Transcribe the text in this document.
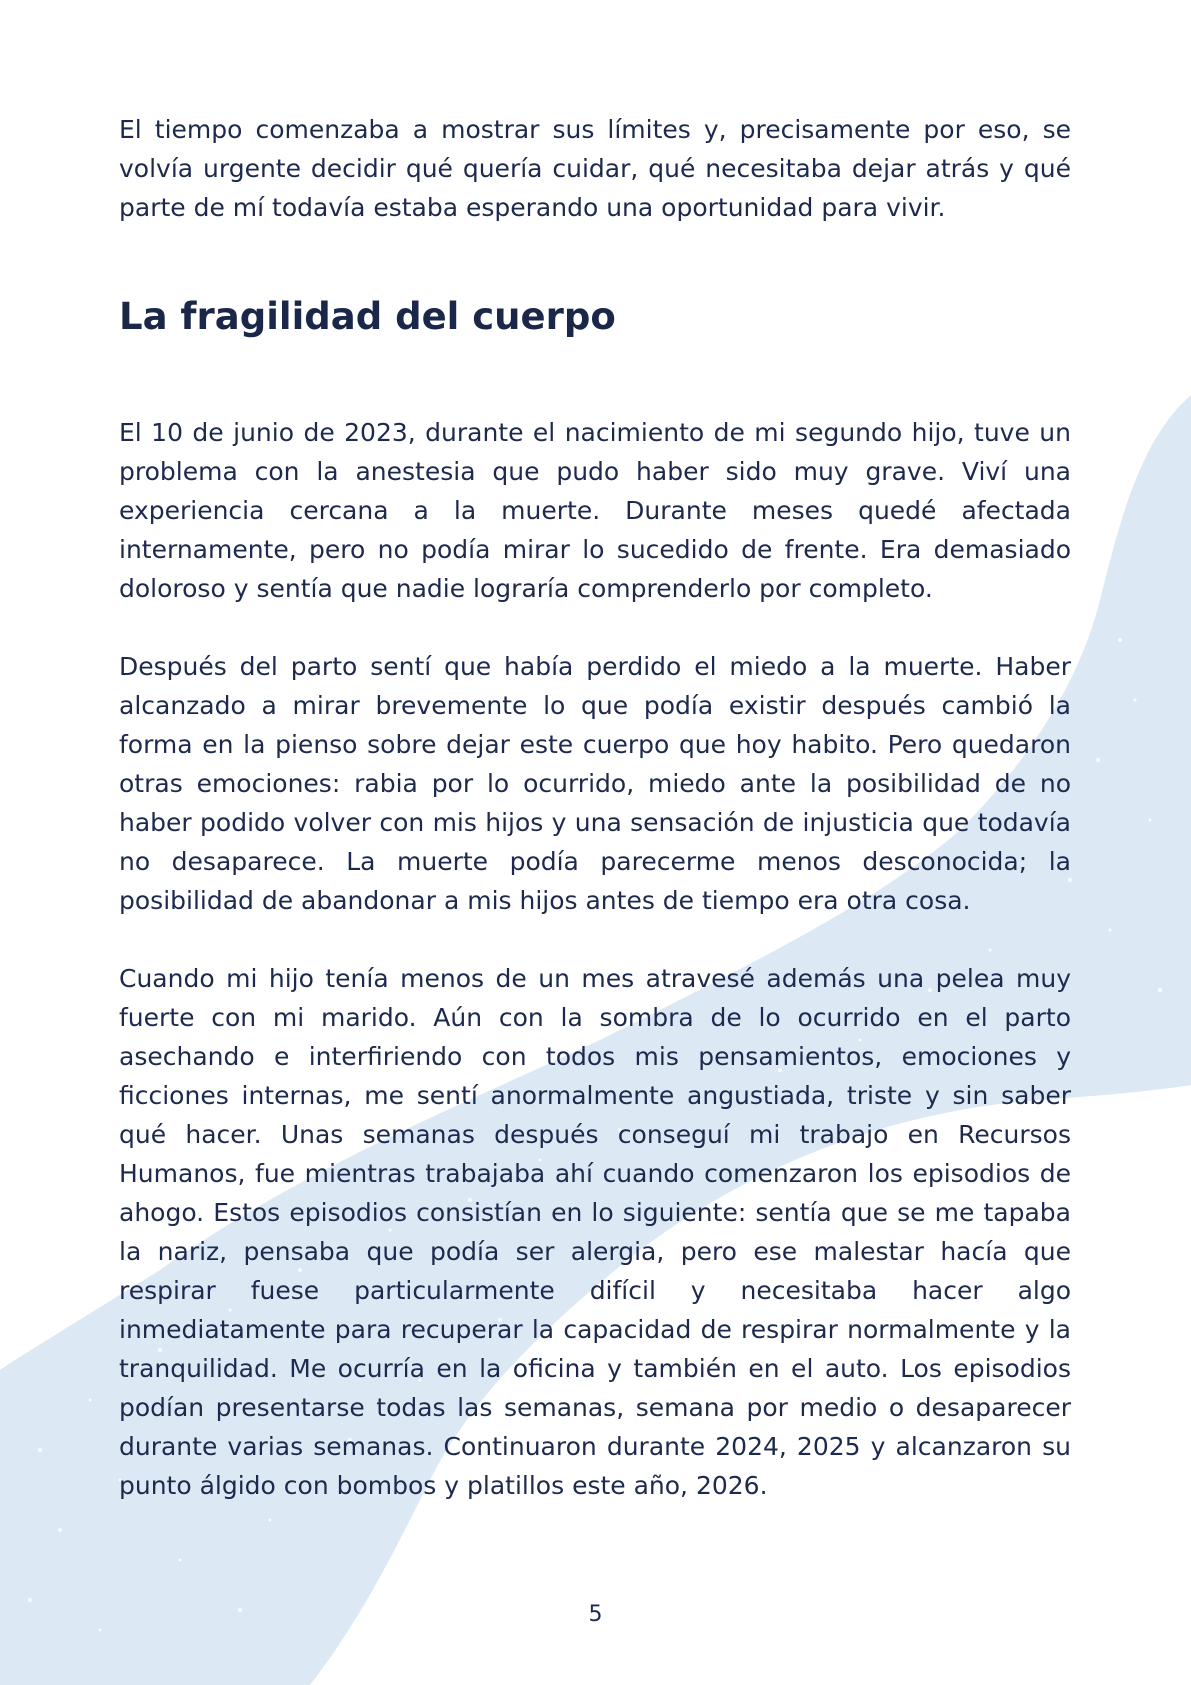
El tiempo comenzaba a mostrar sus límites y, precisamente por eso, se volvía urgente decidir qué quería cuidar, qué necesitaba dejar atrás y qué parte de mí todavía estaba esperando una oportunidad para vivir.

La fragilidad del cuerpo

El 10 de junio de 2023, durante el nacimiento de mi segundo hijo, tuve un problema con la anestesia que pudo haber sido muy grave. Viví una experiencia cercana a la muerte. Durante meses quedé afectada internamente, pero no podía mirar lo sucedido de frente. Era demasiado doloroso y sentía que nadie lograría comprenderlo por completo.

Después del parto sentí que había perdido el miedo a la muerte. Haber alcanzado a mirar brevemente lo que podía existir después cambió la forma en la pienso sobre dejar este cuerpo que hoy habito. Pero quedaron otras emociones: rabia por lo ocurrido, miedo ante la posibilidad de no haber podido volver con mis hijos y una sensación de injusticia que todavía no desaparece. La muerte podía parecerme menos desconocida; la posibilidad de abandonar a mis hijos antes de tiempo era otra cosa.

Cuando mi hijo tenía menos de un mes atravesé además una pelea muy fuerte con mi marido. Aún con la sombra de lo ocurrido en el parto asechando e interfiriendo con todos mis pensamientos, emociones y ficciones internas, me sentí anormalmente angustiada, triste y sin saber qué hacer. Unas semanas después conseguí mi trabajo en Recursos Humanos, fue mientras trabajaba ahí cuando comenzaron los episodios de ahogo. Estos episodios consistían en lo siguiente: sentía que se me tapaba la nariz, pensaba que podía ser alergia, pero ese malestar hacía que respirar fuese particularmente difícil y necesitaba hacer algo inmediatamente para recuperar la capacidad de respirar normalmente y la tranquilidad. Me ocurría en la oficina y también en el auto. Los episodios podían presentarse todas las semanas, semana por medio o desaparecer durante varias semanas. Continuaron durante 2024, 2025 y alcanzaron su punto álgido con bombos y platillos este año, 2026.

5
